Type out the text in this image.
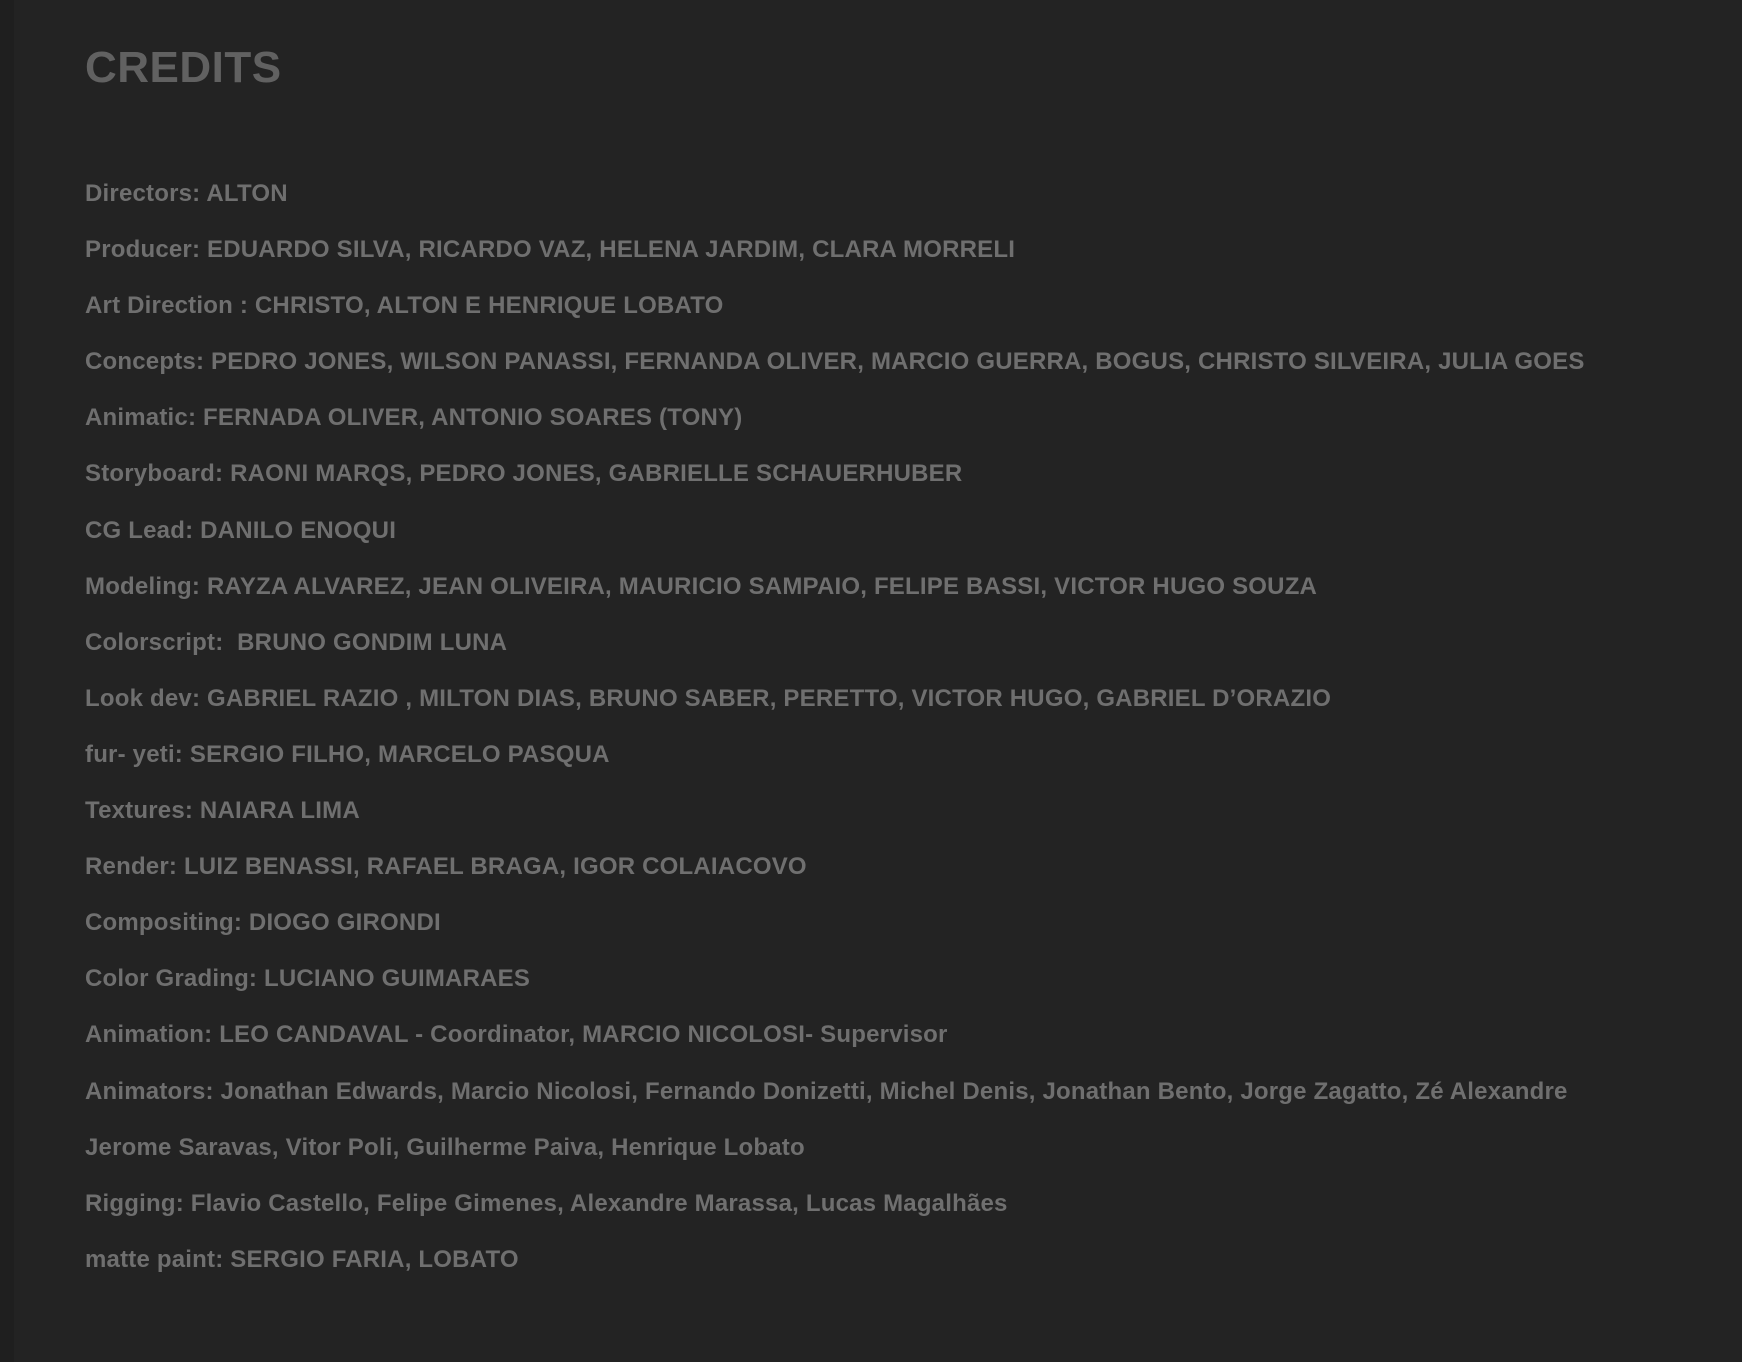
CREDITS
Directors: ALTON
Producer: EDUARDO SILVA, RICARDO VAZ, HELENA JARDIM, CLARA MORRELI
Art Direction : CHRISTO, ALTON E HENRIQUE LOBATO
Concepts: PEDRO JONES, WILSON PANASSI, FERNANDA OLIVER, MARCIO GUERRA, BOGUS, CHRISTO SILVEIRA, JULIA GOES
Animatic: FERNADA OLIVER, ANTONIO SOARES (TONY)
Storyboard: RAONI MARQS, PEDRO JONES, GABRIELLE SCHAUERHUBER
CG Lead: DANILO ENOQUI
Modeling: RAYZA ALVAREZ, JEAN OLIVEIRA, MAURICIO SAMPAIO, FELIPE BASSI, VICTOR HUGO SOUZA
Colorscript:  BRUNO GONDIM LUNA
Look dev: GABRIEL RAZIO , MILTON DIAS, BRUNO SABER, PERETTO, VICTOR HUGO, GABRIEL D’ORAZIO
fur- yeti: SERGIO FILHO, MARCELO PASQUA
Textures: NAIARA LIMA
Render: LUIZ BENASSI, RAFAEL BRAGA, IGOR COLAIACOVO
Compositing: DIOGO GIRONDI
Color Grading: LUCIANO GUIMARAES
Animation: LEO CANDAVAL - Coordinator, MARCIO NICOLOSI- Supervisor
Animators: Jonathan Edwards, Marcio Nicolosi, Fernando Donizetti, Michel Denis, Jonathan Bento, Jorge Zagatto, Zé Alexandre
Jerome Saravas, Vitor Poli, Guilherme Paiva, Henrique Lobato
Rigging: Flavio Castello, Felipe Gimenes, Alexandre Marassa, Lucas Magalhães
matte paint: SERGIO FARIA, LOBATO
